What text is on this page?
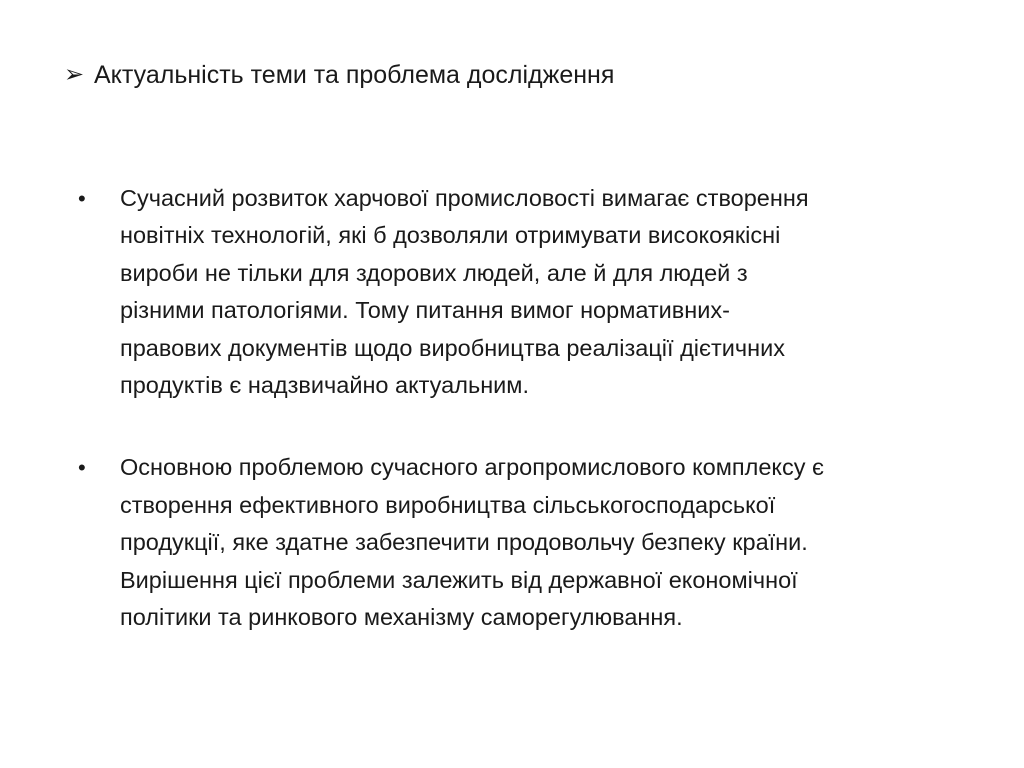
➢ Актуальність теми та проблема дослідження
•	Сучасний розвиток харчової промисловості вимагає створення
новітніх технологій, які б дозволяли отримувати високоякісні
вироби не тільки для здорових людей, але й для людей з
різними патологіями. Тому питання вимог нормативних-
правових документів щодо виробництва реалізації дієтичних
продуктів є надзвичайно актуальним.
•	Основною проблемою сучасного агропромислового комплексу є
створення ефективного виробництва сільськогосподарської
продукції, яке здатне забезпечити продовольчу безпеку країни.
Вирішення цієї проблеми залежить від державної економічної
політики та ринкового механізму саморегулювання.
